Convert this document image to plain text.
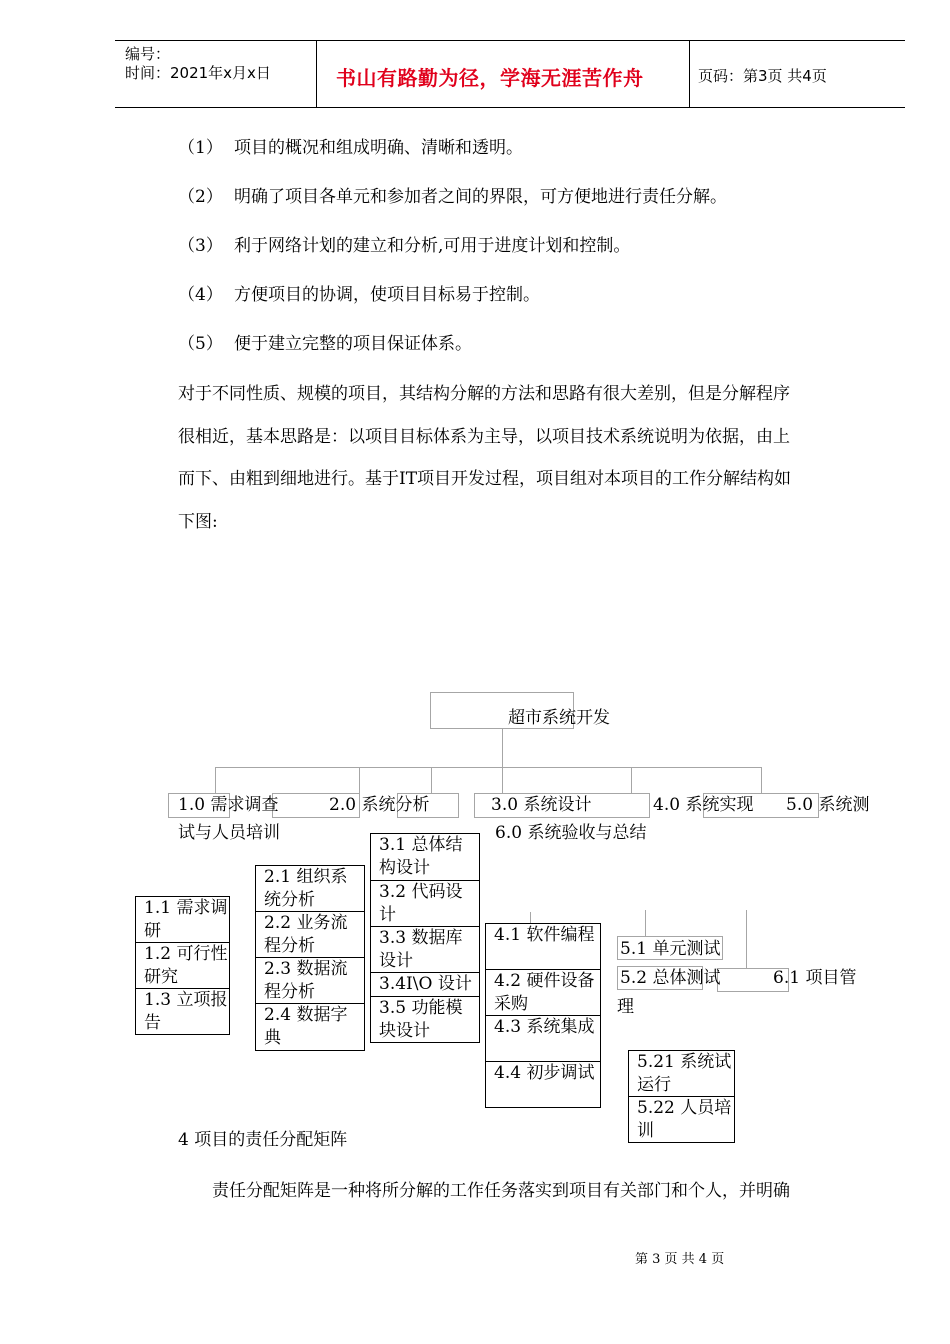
编号：
时间：2021年x月x日	书山有路勤为径，学海无涯苦作舟	页码：第3页 共4页
（1） 项目的概况和组成明确、清晰和透明。
（2） 明确了项目各单元和参加者之间的界限，可方便地进行责任分解。
（3） 利于网络计划的建立和分析,可用于进度计划和控制。
（4） 方便项目的协调，使项目目标易于控制。
（5） 便于建立完整的项目保证体系。
对于不同性质、规模的项目，其结构分解的方法和思路有很大差别，但是分解程序
很相近，基本思路是：以项目目标体系为主导，以项目技术系统说明为依据，由上
而下、由粗到细地进行。基于IT项目开发过程，项目组对本项目的工作分解结构如
下图:
超市系统开发
1.0 需求调查	2.0 系统分析	3.0 系统设计	4.0 系统实现 5.0 系统测
试与人员培训	6.0 系统验收与总结
1.1 需求调研
1.2 可行性研究
1.3 立项报告
2.1 组织系统分析
2.2 业务流程分析
2.3 数据流程分析
2.4 数据字典
3.1 总体结构设计
3.2 代码设计
3.3 数据库设计
3.4I\O 设计
3.5 功能模块设计
4.1 软件编程
4.2 硬件设备采购
4.3 系统集成
4.4 初步调试
5.1 单元测试
5.2 总体测试	6.1 项目管
理
5.21 系统试运行
5.22 人员培训
4 项目的责任分配矩阵
责任分配矩阵是一种将所分解的工作任务落实到项目有关部门和个人，并明确
第 3 页 共 4 页
